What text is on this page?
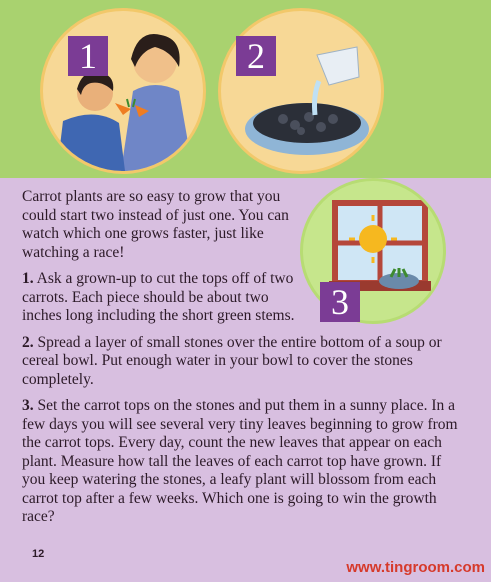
1	2
3

Carrot plants are so easy to grow that you could start two instead of just one. You can watch which one grows faster, just like watching a race!

1. Ask a grown-up to cut the tops off of two carrots. Each piece should be about two inches long including the short green stems.

2. Spread a layer of small stones over the entire bottom of a soup or cereal bowl. Put enough water in your bowl to cover the stones completely.

3. Set the carrot tops on the stones and put them in a sunny place. In a few days you will see several very tiny leaves beginning to grow from the carrot tops. Every day, count the new leaves that appear on each plant. Measure how tall the leaves of each carrot top have grown. If you keep watering the stones, a leafy plant will blossom from each carrot top after a few weeks. Which one is going to win the growth race?

12
www.tingroom.com
